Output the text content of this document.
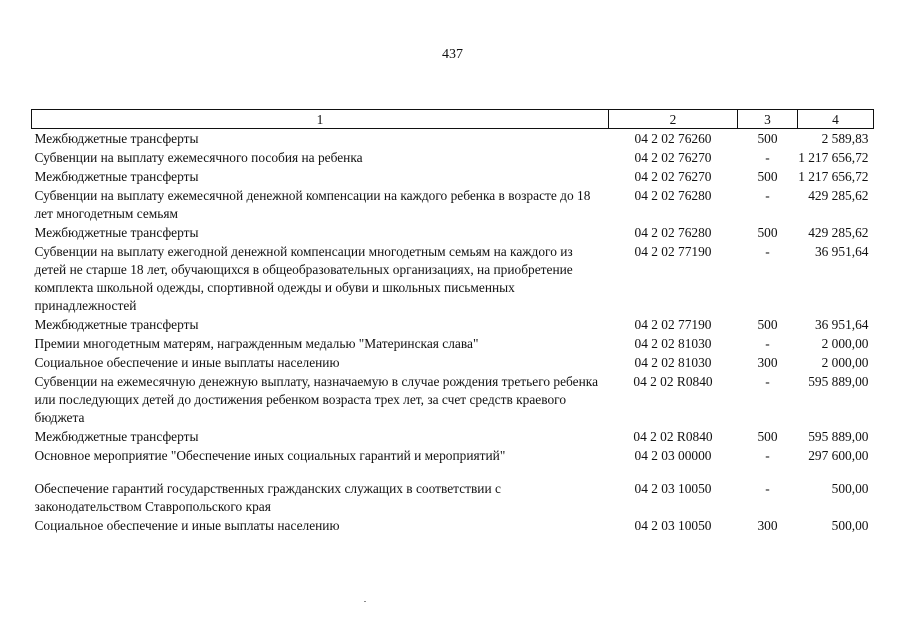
437
1	2	3	4
Межбюджетные трансферты	04 2 02 76260	500	2 589,83
Субвенции на выплату ежемесячного пособия на ребенка	04 2 02 76270	-	1 217 656,72
Межбюджетные трансферты	04 2 02 76270	500	1 217 656,72
Субвенции на выплату ежемесячной денежной компенсации на каждого ребенка в возрасте до 18 лет многодетным семьям	04 2 02 76280	-	429 285,62
Межбюджетные трансферты	04 2 02 76280	500	429 285,62
Субвенции на выплату ежегодной денежной компенсации многодетным семьям на каждого из детей не старше 18 лет, обучающихся в общеобразовательных организациях, на приобретение комплекта школьной одежды, спортивной одежды и обуви и школьных письменных принадлежностей	04 2 02 77190	-	36 951,64
Межбюджетные трансферты	04 2 02 77190	500	36 951,64
Премии многодетным матерям, награжденным медалью "Материнская слава"	04 2 02 81030	-	2 000,00
Социальное обеспечение и иные выплаты населению	04 2 02 81030	300	2 000,00
Субвенции на ежемесячную денежную выплату, назначаемую в случае рождения третьего ребенка или последующих детей до достижения ребенком возраста трех лет, за счет средств краевого бюджета	04 2 02 R0840	-	595 889,00
Межбюджетные трансферты	04 2 02 R0840	500	595 889,00
Основное мероприятие "Обеспечение иных социальных гарантий и мероприятий"	04 2 03 00000	-	297 600,00
Обеспечение гарантий государственных гражданских служащих в соответствии с законодательством Ставропольского края	04 2 03 10050	-	500,00
Социальное обеспечение и иные выплаты населению	04 2 03 10050	300	500,00
